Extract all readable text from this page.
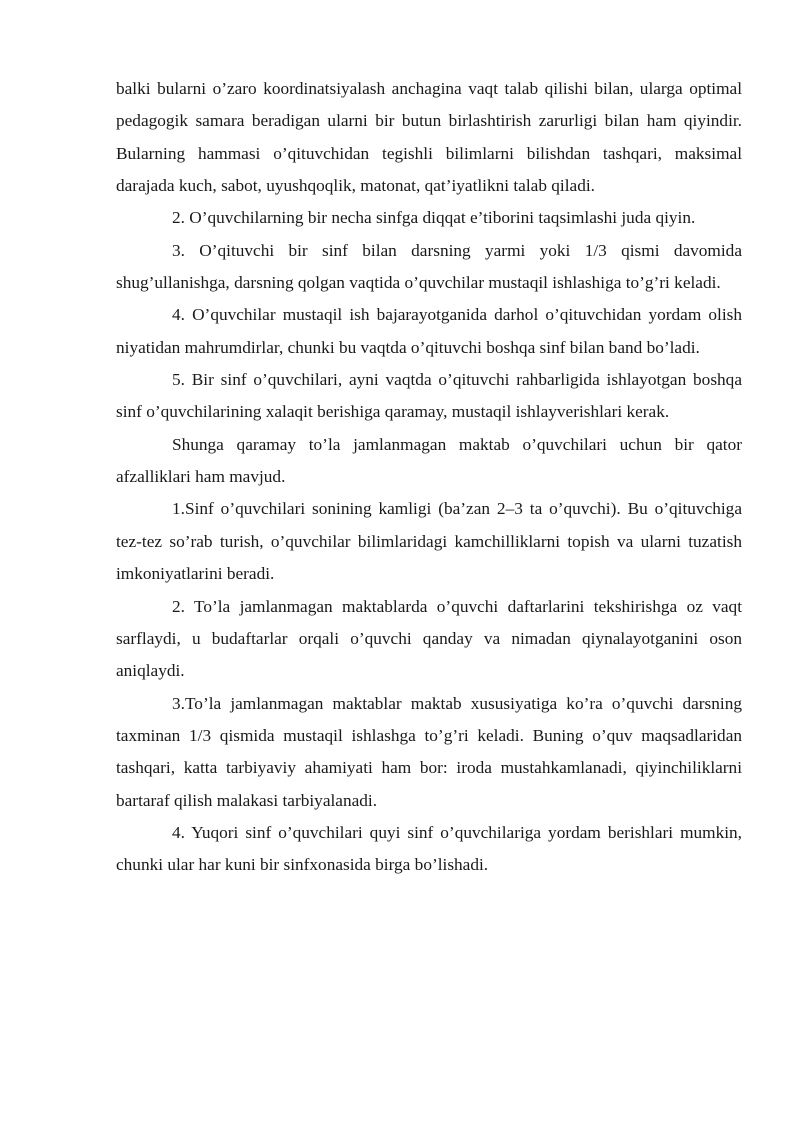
balki bularni o’zaro koordinatsiyalash anchagina vaqt talab qilishi bilan, ularga optimal pedagogik samara beradigan ularni bir butun birlashtirish zarurligi bilan ham qiyindir. Bularning hammasi o’qituvchidan tegishli bilimlarni bilishdan tashqari, maksimal darajada kuch, sabot, uyushqoqlik, matonat, qat’iyatlikni talab qiladi.

2. O’quvchilarning bir necha sinfga diqqat e’tiborini taqsimlashi juda qiyin.

3. O’qituvchi bir sinf bilan darsning yarmi yoki 1/3 qismi davomida shug’ullanishga, darsning qolgan vaqtida o’quvchilar mustaqil ishlashiga to’g’ri keladi.

4. O’quvchilar mustaqil ish bajarayotganida darhol o’qituvchidan yordam olish niyatidan mahrumdirlar, chunki bu vaqtda o’qituvchi boshqa sinf bilan band bo’ladi.

5. Bir sinf o’quvchilari, ayni vaqtda o’qituvchi rahbarligida ishlayotgan boshqa sinf o’quvchilarining xalaqit berishiga qaramay, mustaqil ishlayverishlari kerak.

Shunga qaramay to’la jamlanmagan maktab o’quvchilari uchun bir qator afzalliklari ham mavjud.

1.Sinf o’quvchilari sonining kamligi (ba’zan 2–3 ta o’quvchi). Bu o’qituvchiga tez-tez so’rab turish, o’quvchilar bilimlaridagi kamchilliklarni topish va ularni tuzatish imkoniyatlarini beradi.

2. To’la jamlanmagan maktablarda o’quvchi daftarlarini tekshirishga oz vaqt sarflaydi, u budaftarlar orqali o’quvchi qanday va nimadan qiynalayotganini oson aniqlaydi.

3.To’la jamlanmagan maktablar maktab xususiyatiga ko’ra o’quvchi darsning taxminan 1/3 qismida mustaqil ishlashga to’g’ri keladi. Buning o’quv maqsadlaridan tashqari, katta tarbiyaviy ahamiyati ham bor: iroda mustahkamlanadi, qiyinchiliklarni bartaraf qilish malakasi tarbiyalanadi.

4. Yuqori sinf o’quvchilari quyi sinf o’quvchilariga yordam berishlari mumkin, chunki ular har kuni bir sinfxonasida birga bo’lishadi.
